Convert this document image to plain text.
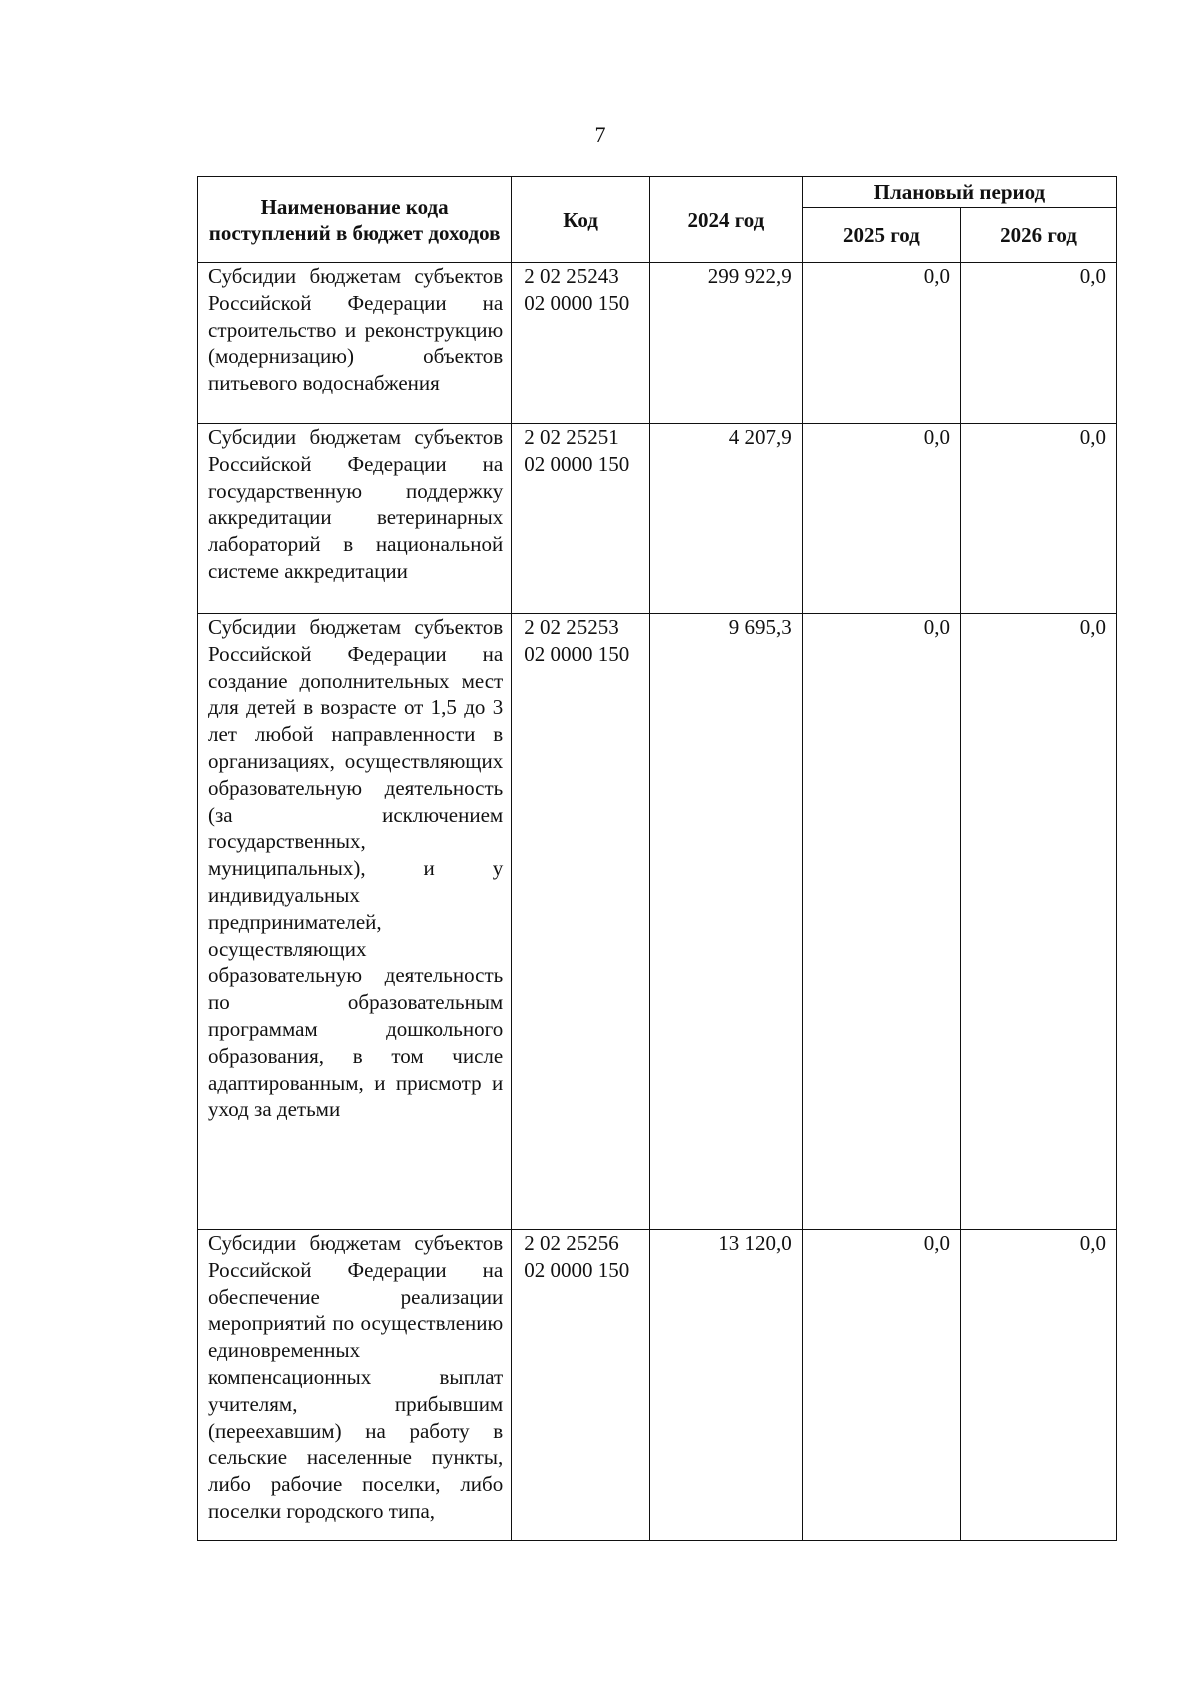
7
Наименование кода поступлений в бюджет доходов	Код	2024 год	Плановый период	
			2025 год	2026 год
Субсидии бюджетам субъектов Российской Федерации на строительство и реконструкцию (модернизацию) объектов питьевого водоснабжения	2 02 25243 02 0000 150	299 922,9	0,0	0,0
Субсидии бюджетам субъектов Российской Федерации на государственную поддержку аккредитации ветеринарных лабораторий в национальной системе аккредитации	2 02 25251 02 0000 150	4 207,9	0,0	0,0
Субсидии бюджетам субъектов Российской Федерации на создание дополнительных мест для детей в возрасте от 1,5 до 3 лет любой направленности в организациях, осуществляющих образовательную деятельность (за исключением государственных, муниципальных), и у индивидуальных предпринимателей, осуществляющих образовательную деятельность по образовательным программам дошкольного образования, в том числе адаптированным, и присмотр и уход за детьми	2 02 25253 02 0000 150	9 695,3	0,0	0,0
Субсидии бюджетам субъектов Российской Федерации на обеспечение реализации мероприятий по осуществлению единовременных компенсационных выплат учителям, прибывшим (переехавшим) на работу в сельские населенные пункты, либо рабочие поселки, либо поселки городского типа,	2 02 25256 02 0000 150	13 120,0	0,0	0,0
